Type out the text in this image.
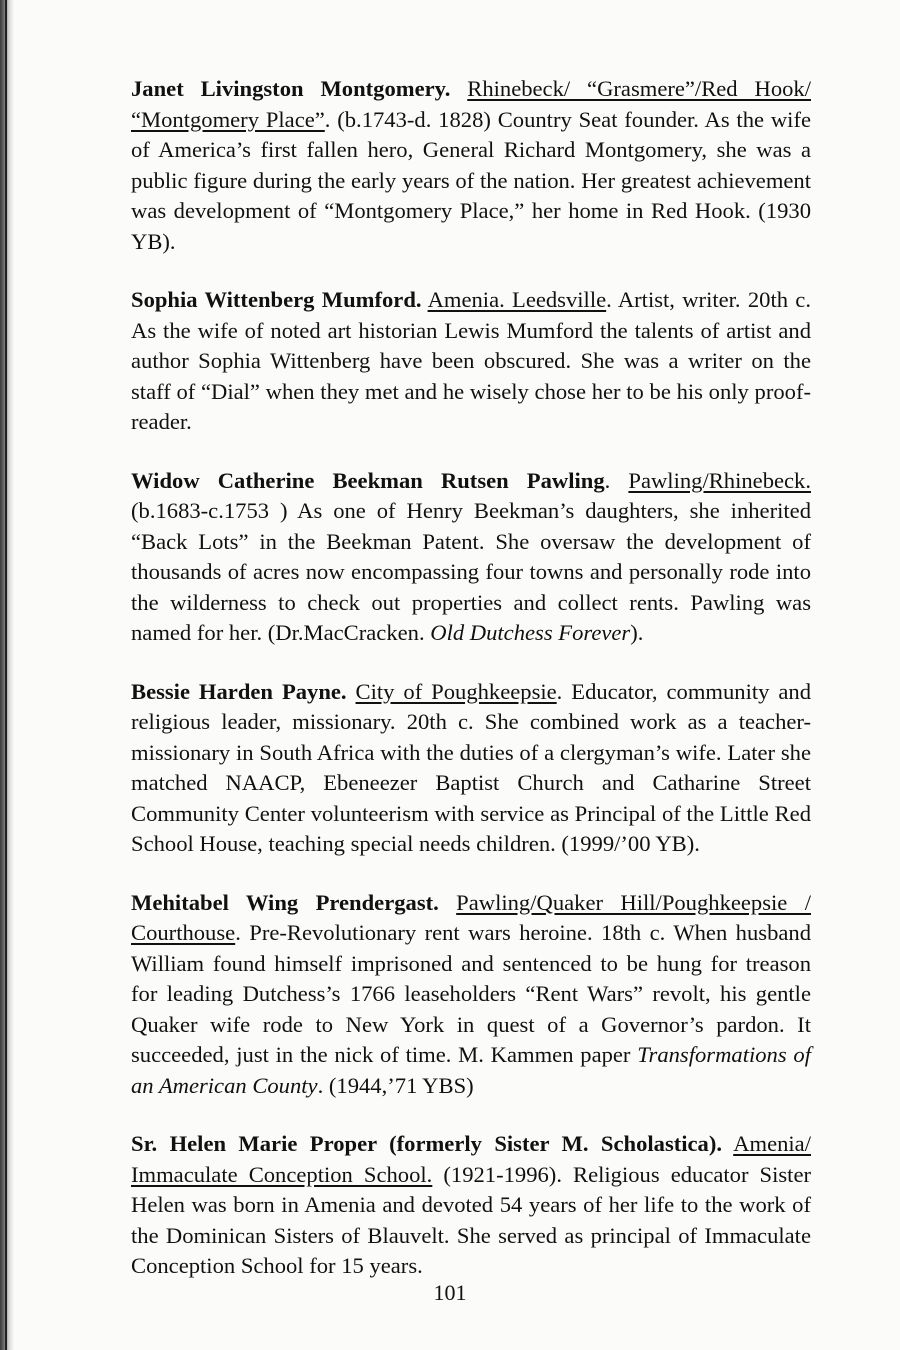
Janet Livingston Montgomery. Rhinebeck/ “Grasmere”/Red Hook/ “Montgomery Place”. (b.1743-d. 1828) Country Seat founder. As the wife of America’s first fallen hero, General Richard Montgomery, she was a public figure during the early years of the nation. Her greatest achievement was development of “Montgomery Place,” her home in Red Hook. (1930 YB).

Sophia Wittenberg Mumford. Amenia. Leedsville. Artist, writer. 20th c. As the wife of noted art historian Lewis Mumford the talents of artist and author Sophia Wittenberg have been obscured. She was a writer on the staff of “Dial” when they met and he wisely chose her to be his only proof-reader.

Widow Catherine Beekman Rutsen Pawling. Pawling/Rhinebeck. (b.1683-c.1753 ) As one of Henry Beekman’s daughters, she inherited “Back Lots” in the Beekman Patent. She oversaw the development of thousands of acres now encompassing four towns and personally rode into the wilderness to check out properties and collect rents. Pawling was named for her. (Dr.MacCracken. Old Dutchess Forever).

Bessie Harden Payne. City of Poughkeepsie. Educator, community and religious leader, missionary. 20th c. She combined work as a teacher-missionary in South Africa with the duties of a clergyman’s wife. Later she matched NAACP, Ebeneezer Baptist Church and Catharine Street Community Center volunteerism with service as Principal of the Little Red School House, teaching special needs children. (1999/’00 YB).

Mehitabel Wing Prendergast. Pawling/Quaker Hill/Poughkeepsie / Courthouse. Pre-Revolutionary rent wars heroine. 18th c. When husband William found himself imprisoned and sentenced to be hung for treason for leading Dutchess’s 1766 leaseholders “Rent Wars” revolt, his gentle Quaker wife rode to New York in quest of a Governor’s pardon. It succeeded, just in the nick of time. M. Kammen paper Transformations of an American County. (1944,’71 YBS)

Sr. Helen Marie Proper (formerly Sister M. Scholastica). Amenia/ Immaculate Conception School. (1921-1996). Religious educator Sister Helen was born in Amenia and devoted 54 years of her life to the work of the Dominican Sisters of Blauvelt. She served as principal of Immaculate Conception School for 15 years.

101
